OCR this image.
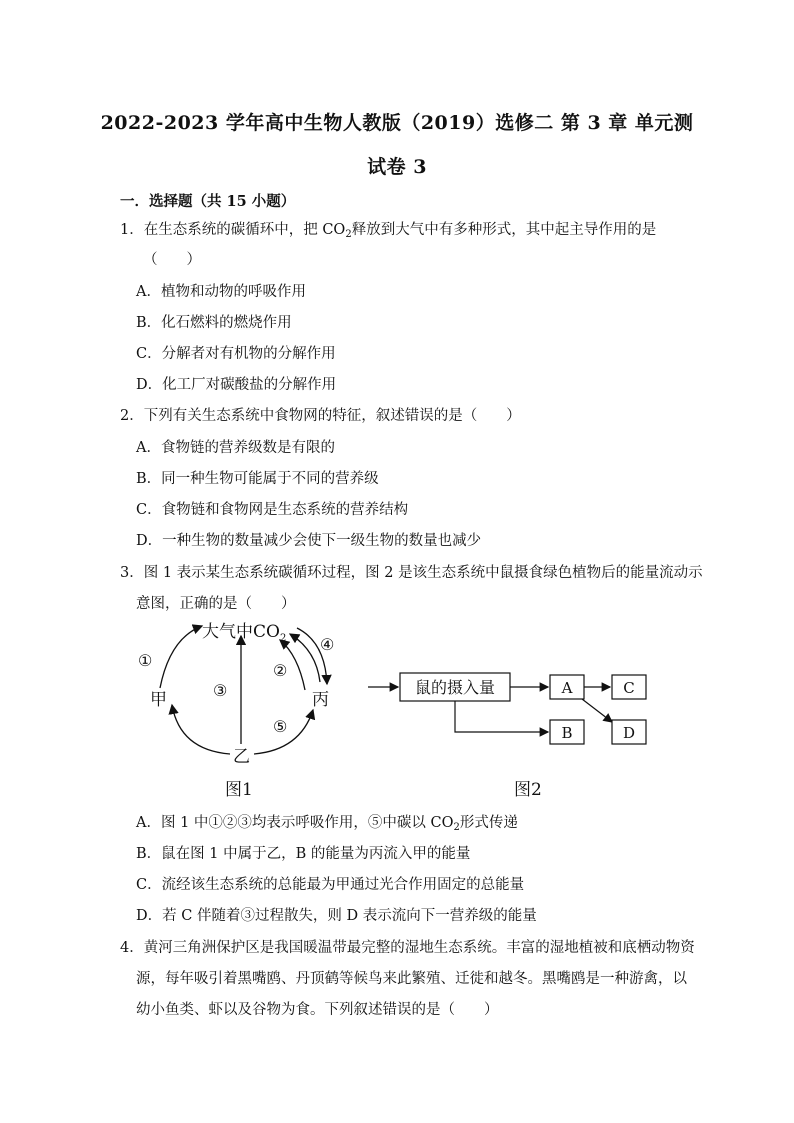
2022-2023 学年高中生物人教版（2019）选修二 第 3 章 单元测
试卷 3
一．选择题（共 15 小题）
1．在生态系统的碳循环中，把 $CO_2$释放到大气中有多种形式，其中起主导作用的是
（　　）
A．植物和动物的呼吸作用
B．化石燃料的燃烧作用
C．分解者对有机物的分解作用
D．化工厂对碳酸盐的分解作用
2．下列有关生态系统中食物网的特征，叙述错误的是（　　）
A．食物链的营养级数是有限的
B．同一种生物可能属于不同的营养级
C．食物链和食物网是生态系统的营养结构
D．一种生物的数量减少会使下一级生物的数量也减少
3．图 1 表示某生态系统碳循环过程，图 2 是该生态系统中鼠摄食绿色植物后的能量流动示
意图，正确的是（　　）
大气中$CO_2$
甲	丙
乙
①
②
③
④
⑤
图1
鼠的摄入量	A
B
C
D
图2
A．图 1 中①②③均表示呼吸作用，⑤中碳以 $CO_2$形式传递
B．鼠在图 1 中属于乙，B 的能量为丙流入甲的能量
C．流经该生态系统的总能最为甲通过光合作用固定的总能量
D．若 C 伴随着③过程散失，则 D 表示流向下一营养级的能量
4．黄河三角洲保护区是我国暖温带最完整的湿地生态系统。丰富的湿地植被和底栖动物资
源，每年吸引着黑嘴鸥、丹顶鹤等候鸟来此繁殖、迁徙和越冬。黑嘴鸥是一种游禽，以
幼小鱼类、虾以及谷物为食。下列叙述错误的是（　　）
